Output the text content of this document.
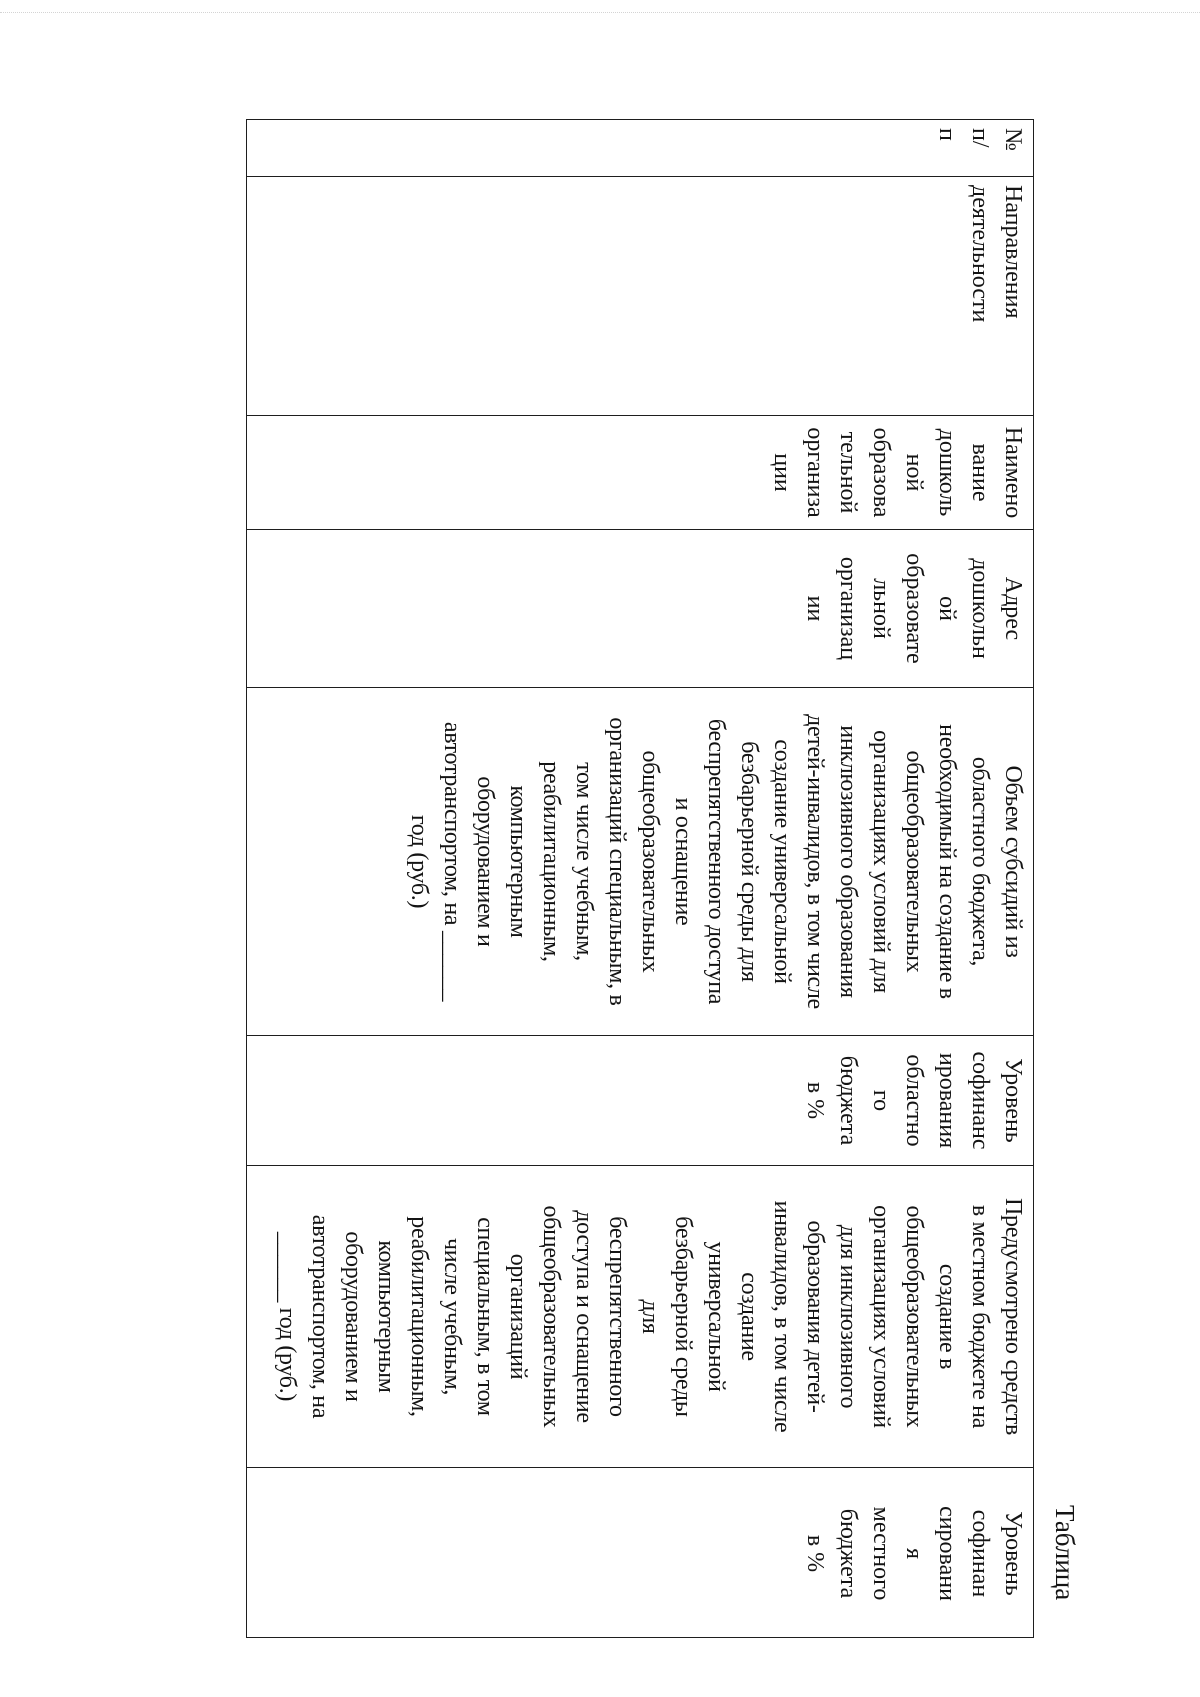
Таблица
№
п/
п
Направления
деятельности
Наимено
вание
дошколь
ной
образова
тельной
организа
ции
Адрес
дошкольн
ой
образовате
льной
организац
ии
Объем субсидий из
областного бюджета,
необходимый на создание в
общеобразовательных
организациях условий для
инклюзивного образования
детей-инвалидов, в том числе
создание универсальной
безбарьерной среды для
беспрепятственного доступа
и оснащение
общеобразовательных
организаций специальным, в
том числе учебным,
реабилитационным,
компьютерным
оборудованием и
автотранспортом, на ______
год (руб.)
Уровень
софинанс
ирования
областно
го
бюджета
в %
Предусмотрено средств
в местном бюджете на
создание в
общеобразовательных
организациях условий
для инклюзивного
образования детей-
инвалидов, в том числе
создание
универсальной
безбарьерной среды
для
беспрепятственного
доступа и оснащение
общеобразовательных
организаций
специальным, в том
числе учебным,
реабилитационным,
компьютерным
оборудованием и
автотранспортом, на
______ год (руб.)
Уровень
софинан
сировани
я
местного
бюджета
в %
